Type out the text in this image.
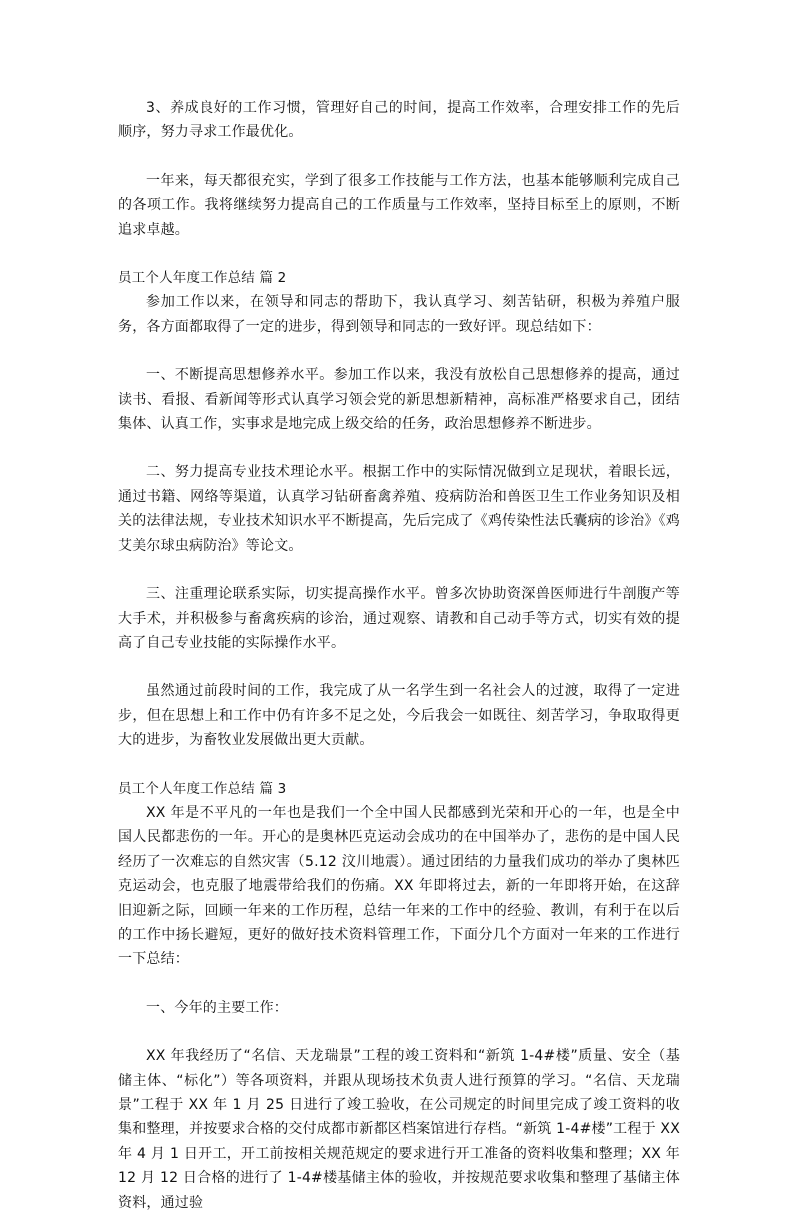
3、养成良好的工作习惯，管理好自己的时间，提高工作效率，合理安排工作的先后顺序，努力寻求工作最优化。

一年来，每天都很充实，学到了很多工作技能与工作方法，也基本能够顺利完成自己的各项工作。我将继续努力提高自己的工作质量与工作效率，坚持目标至上的原则，不断追求卓越。

员工个人年度工作总结 篇 2

参加工作以来，在领导和同志的帮助下，我认真学习、刻苦钻研，积极为养殖户服务，各方面都取得了一定的进步，得到领导和同志的一致好评。现总结如下：

一、不断提高思想修养水平。参加工作以来，我没有放松自己思想修养的提高，通过读书、看报、看新闻等形式认真学习领会党的新思想新精神，高标准严格要求自己，团结集体、认真工作，实事求是地完成上级交给的任务，政治思想修养不断进步。

二、努力提高专业技术理论水平。根据工作中的实际情况做到立足现状，着眼长远，通过书籍、网络等渠道，认真学习钻研畜禽养殖、疫病防治和兽医卫生工作业务知识及相关的法律法规，专业技术知识水平不断提高，先后完成了《鸡传染性法氏囊病的诊治》《鸡艾美尔球虫病防治》等论文。

三、注重理论联系实际，切实提高操作水平。曾多次协助资深兽医师进行牛剖腹产等大手术，并积极参与畜禽疾病的诊治，通过观察、请教和自己动手等方式，切实有效的提高了自己专业技能的实际操作水平。

虽然通过前段时间的工作，我完成了从一名学生到一名社会人的过渡，取得了一定进步，但在思想上和工作中仍有许多不足之处，今后我会一如既往、刻苦学习，争取取得更大的进步，为畜牧业发展做出更大贡献。

员工个人年度工作总结 篇 3

XX 年是不平凡的一年也是我们一个全中国人民都感到光荣和开心的一年，也是全中国人民都悲伤的一年。开心的是奥林匹克运动会成功的在中国举办了，悲伤的是中国人民经历了一次难忘的自然灾害（5.12 汶川地震）。通过团结的力量我们成功的举办了奥林匹克运动会，也克服了地震带给我们的伤痛。XX 年即将过去，新的一年即将开始，在这辞旧迎新之际，回顾一年来的工作历程，总结一年来的工作中的经验、教训，有利于在以后的工作中扬长避短，更好的做好技术资料管理工作，下面分几个方面对一年来的工作进行一下总结：

一、今年的主要工作：

XX 年我经历了“名信、天龙瑞景”工程的竣工资料和“新筑 1-4#楼”质量、安全（基储主体、“标化”）等各项资料，并跟从现场技术负责人进行预算的学习。“名信、天龙瑞景”工程于 XX 年 1 月 25 日进行了竣工验收，在公司规定的时间里完成了竣工资料的收集和整理，并按要求合格的交付成都市新都区档案馆进行存档。“新筑 1-4#楼”工程于 XX 年 4 月 1 日开工，开工前按相关规范规定的要求进行开工准备的资料收集和整理；XX 年 12 月 12 日合格的进行了 1-4#楼基储主体的验收，并按规范要求收集和整理了基储主体资料，通过验
